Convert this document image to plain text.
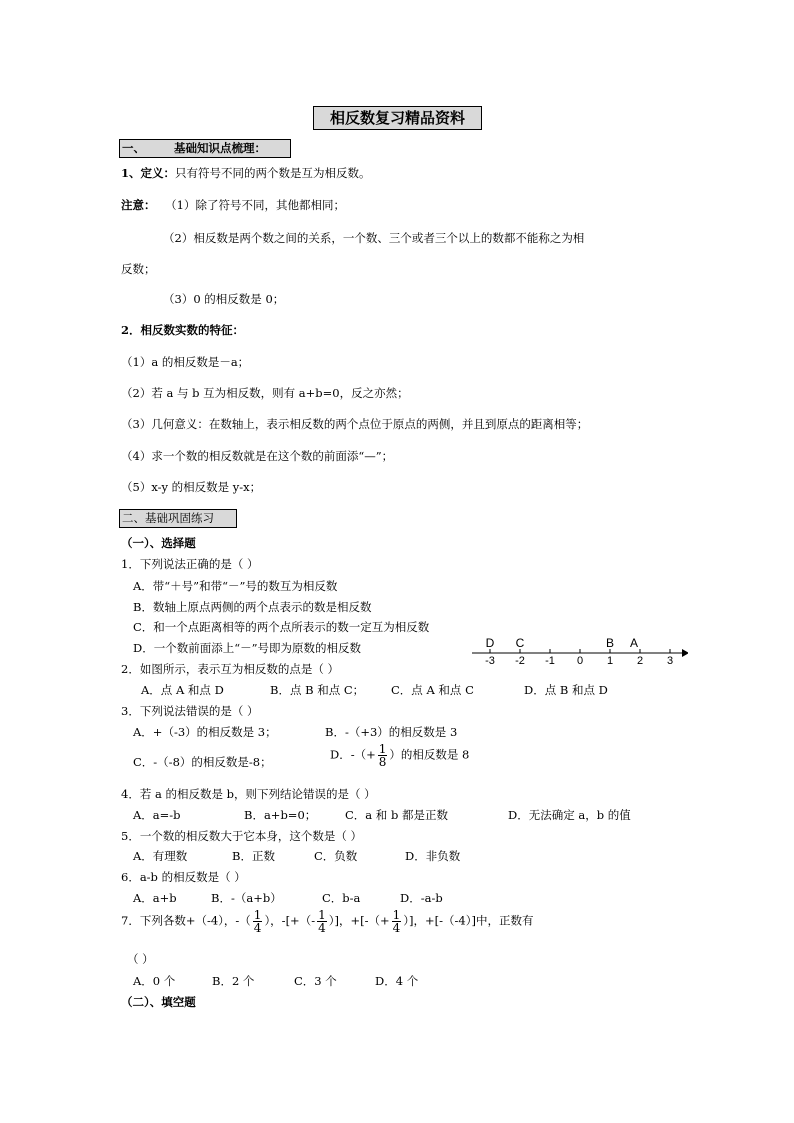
相反数复习精品资料
一、	基础知识点梳理：
1、定义：只有符号不同的两个数是互为相反数。
注意： （1）除了符号不同，其他都相同；
（2）相反数是两个数之间的关系，一个数、三个或者三个以上的数都不能称之为相
反数；
（3）0 的相反数是 0；
2．相反数实数的特征：
（1）a 的相反数是－a；
（2）若 a 与 b 互为相反数，则有 a+b=0，反之亦然；
（3）几何意义：在数轴上，表示相反数的两个点位于原点的两侧，并且到原点的距离相等；
（4）求一个数的相反数就是在这个数的前面添“—”；
（5）x-y 的相反数是 y-x；
二、基础巩固练习
（一）、选择题
1．下列说法正确的是（ ）
A．带“＋号”和带“－”号的数互为相反数
B．数轴上原点两侧的两个点表示的数是相反数
C．和一个点距离相等的两个点所表示的数一定互为相反数
D．一个数前面添上“－”号即为原数的相反数
-3 -2 -1	0	1	2	3
D C	B A
2．如图所示，表示互为相反数的点是（ ）
A．点 A 和点 D	B．点 B 和点 C； C．点 A 和点 C	D．点 B 和点 D
3．下列说法错误的是（ ）
A．+（-3）的相反数是 3；	B．-（+3）的相反数是 3
C．-（-8）的相反数是-8；
D．-（+ $\frac{1}{8}$ ）的相反数是 8
4．若 a 的相反数是 b，则下列结论错误的是（ ）
A．a=-b	B．a+b=0； C．a 和 b 都是正数	D．无法确定 a，b 的值
5．一个数的相反数大于它本身，这个数是（ ）
A．有理数	B．正数	C．负数	D．非负数
6．a-b 的相反数是（ ）
A．a+b	B．-（a+b）	C．b-a	D．-a-b
7．下列各数+（-4），-（ $\frac{1}{4}$ ），-[+（- $\frac{1}{4}$ ）]，+[-（+ $\frac{1}{4}$ ）]，+[-（-4）]中，正数有
（ ）
A．0 个	B．2 个	C．3 个	D．4 个
（二）、填空题
